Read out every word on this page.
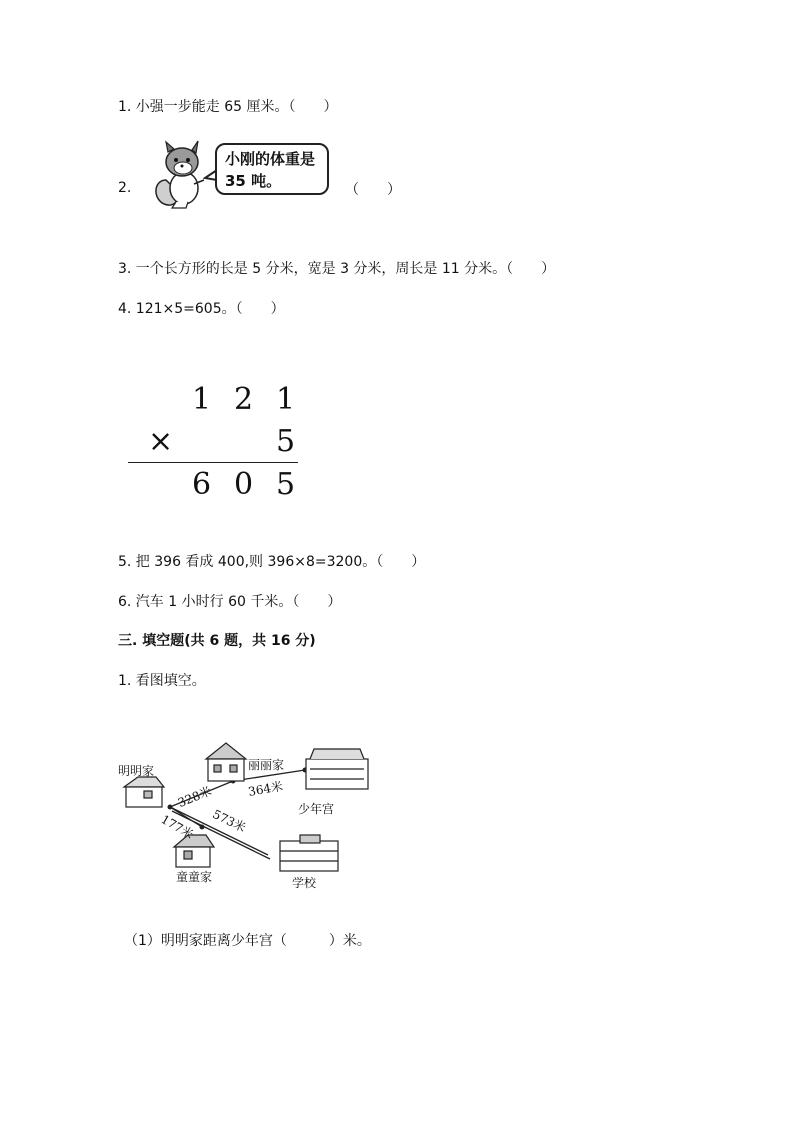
1. 小强一步能走 65 厘米。（　　）
2.
小刚的体重是
35 吨。	（　　）
3. 一个长方形的长是 5 分米，宽是 3 分米，周长是 11 分米。（　　）
4. 121×5=605。（　　）
1 2 1
×	5
6 0 5
5. 把 396 看成 400,则 396×8=3200。（　　）
6. 汽车 1 小时行 60 千米。（　　）
三. 填空题(共 6 题，共 16 分)
1. 看图填空。
明明家	丽丽家
少年宫
童童家	学校
328米	364米
573米
177米
（1）明明家距离少年宫（　　　）米。
